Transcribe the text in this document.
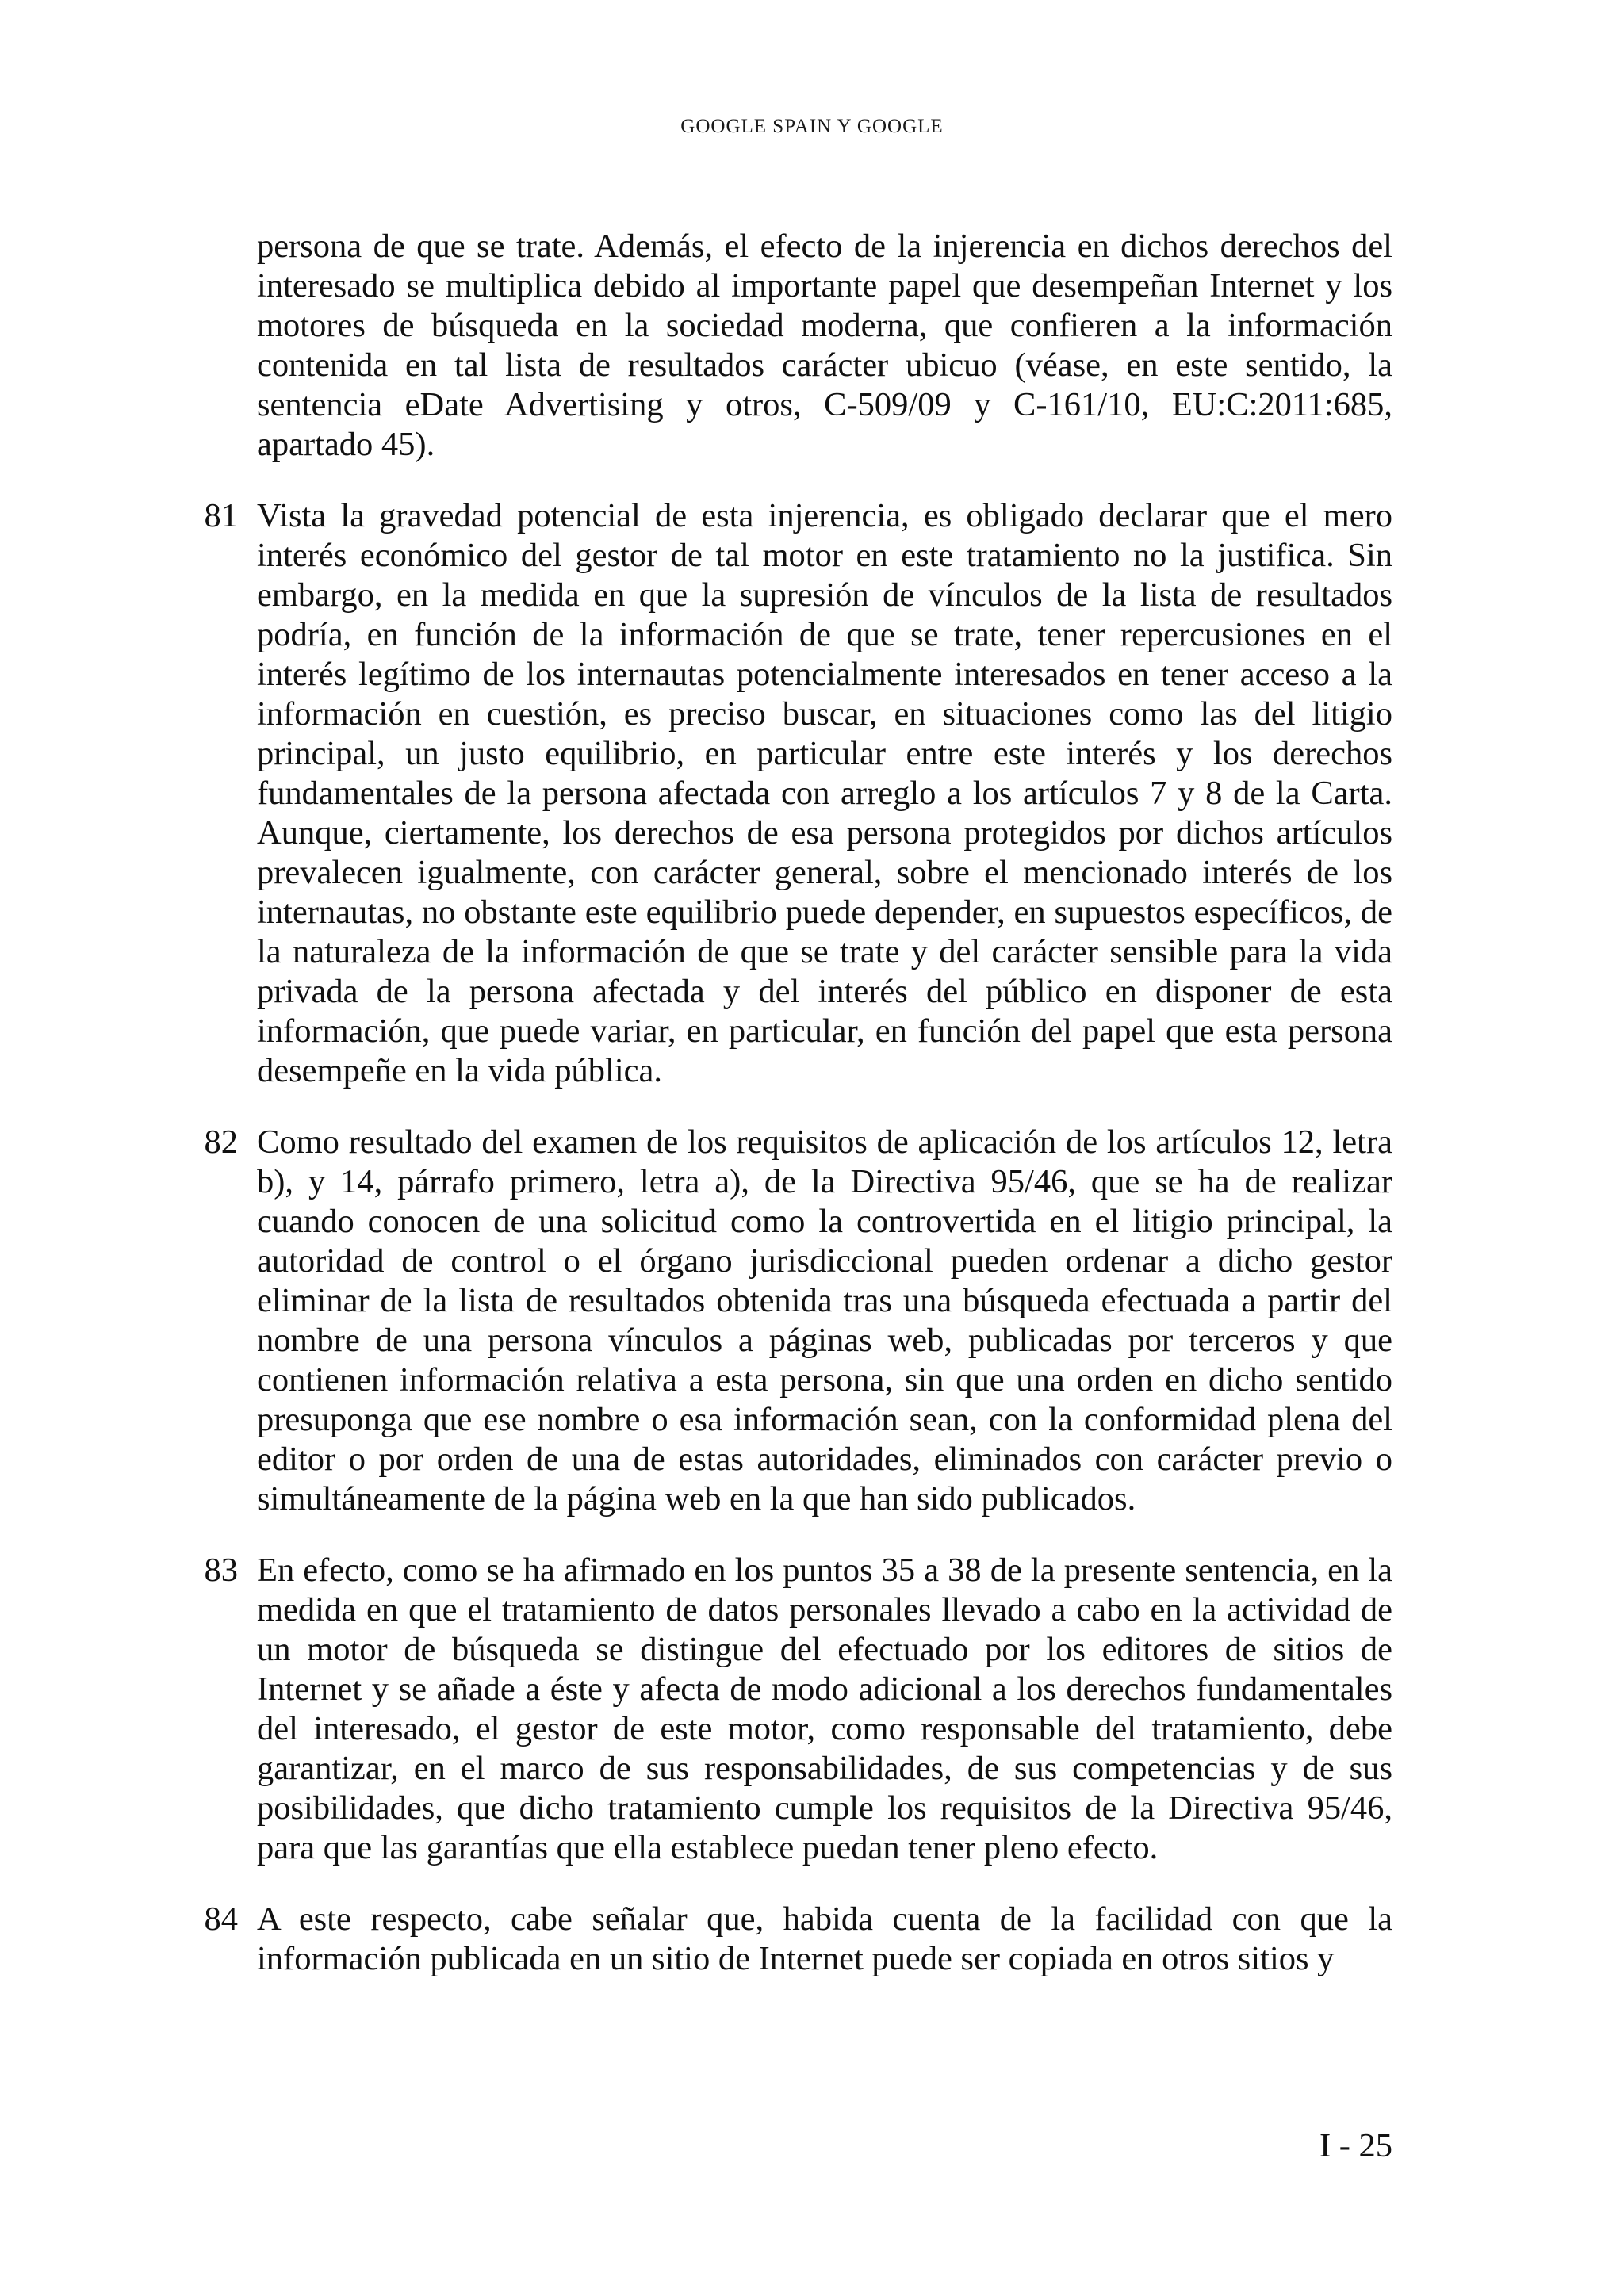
GOOGLE SPAIN Y GOOGLE
persona de que se trate. Además, el efecto de la injerencia en dichos derechos del interesado se multiplica debido al importante papel que desempeñan Internet y los motores de búsqueda en la sociedad moderna, que confieren a la información contenida en tal lista de resultados carácter ubicuo (véase, en este sentido, la sentencia eDate Advertising y otros, C-509/09 y C-161/10, EU:C:2011:685, apartado 45).
81 Vista la gravedad potencial de esta injerencia, es obligado declarar que el mero interés económico del gestor de tal motor en este tratamiento no la justifica. Sin embargo, en la medida en que la supresión de vínculos de la lista de resultados podría, en función de la información de que se trate, tener repercusiones en el interés legítimo de los internautas potencialmente interesados en tener acceso a la información en cuestión, es preciso buscar, en situaciones como las del litigio principal, un justo equilibrio, en particular entre este interés y los derechos fundamentales de la persona afectada con arreglo a los artículos 7 y 8 de la Carta. Aunque, ciertamente, los derechos de esa persona protegidos por dichos artículos prevalecen igualmente, con carácter general, sobre el mencionado interés de los internautas, no obstante este equilibrio puede depender, en supuestos específicos, de la naturaleza de la información de que se trate y del carácter sensible para la vida privada de la persona afectada y del interés del público en disponer de esta información, que puede variar, en particular, en función del papel que esta persona desempeñe en la vida pública.
82 Como resultado del examen de los requisitos de aplicación de los artículos 12, letra b), y 14, párrafo primero, letra a), de la Directiva 95/46, que se ha de realizar cuando conocen de una solicitud como la controvertida en el litigio principal, la autoridad de control o el órgano jurisdiccional pueden ordenar a dicho gestor eliminar de la lista de resultados obtenida tras una búsqueda efectuada a partir del nombre de una persona vínculos a páginas web, publicadas por terceros y que contienen información relativa a esta persona, sin que una orden en dicho sentido presuponga que ese nombre o esa información sean, con la conformidad plena del editor o por orden de una de estas autoridades, eliminados con carácter previo o simultáneamente de la página web en la que han sido publicados.
83 En efecto, como se ha afirmado en los puntos 35 a 38 de la presente sentencia, en la medida en que el tratamiento de datos personales llevado a cabo en la actividad de un motor de búsqueda se distingue del efectuado por los editores de sitios de Internet y se añade a éste y afecta de modo adicional a los derechos fundamentales del interesado, el gestor de este motor, como responsable del tratamiento, debe garantizar, en el marco de sus responsabilidades, de sus competencias y de sus posibilidades, que dicho tratamiento cumple los requisitos de la Directiva 95/46, para que las garantías que ella establece puedan tener pleno efecto.
84 A este respecto, cabe señalar que, habida cuenta de la facilidad con que la información publicada en un sitio de Internet puede ser copiada en otros sitios y
I - 25
